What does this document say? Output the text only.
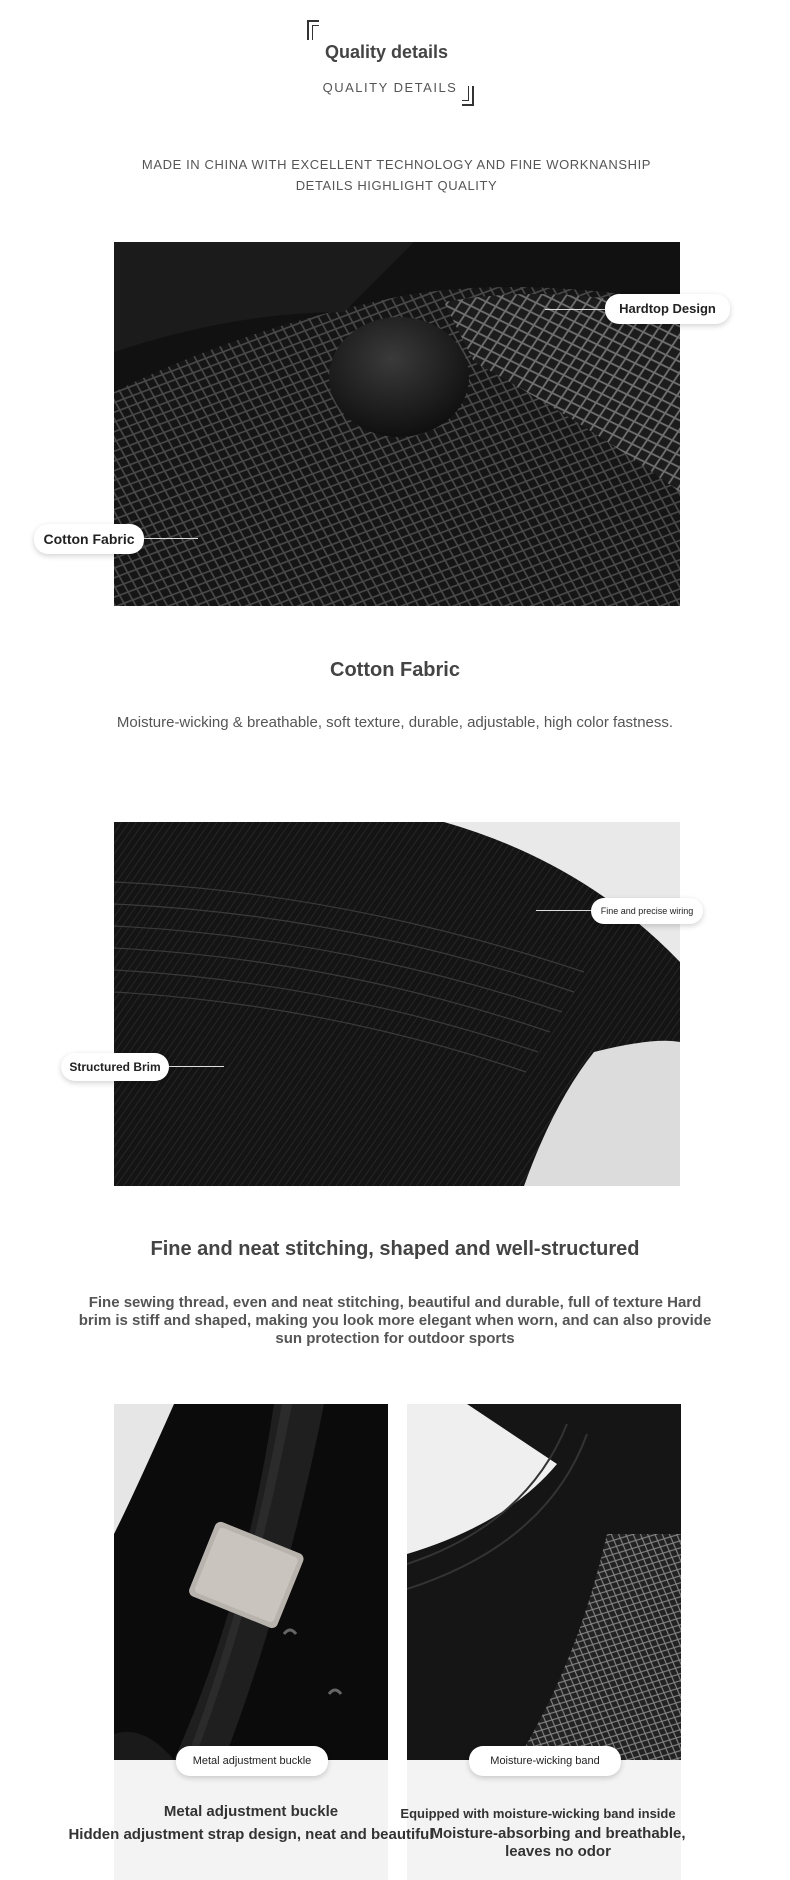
Quality details
QUALITY DETAILS
MADE IN CHINA WITH EXCELLENT TECHNOLOGY AND FINE WORKNANSHIP
DETAILS HIGHLIGHT QUALITY
Hardtop Design
Cotton Fabric
Cotton Fabric
Moisture-wicking & breathable, soft texture, durable, adjustable, high color fastness.
Fine and precise wiring
Structured Brim
Fine and neat stitching, shaped and well-structured
Fine sewing thread, even and neat stitching, beautiful and durable, full of texture Hard
brim is stiff and shaped, making you look more elegant when worn, and can also provide
sun protection for outdoor sports
Metal adjustment buckle	Moisture-wicking band
Metal adjustment buckle
Hidden adjustment strap design, neat and beautiful
Equipped with moisture-wicking band inside
Moisture-absorbing and breathable,
leaves no odor
